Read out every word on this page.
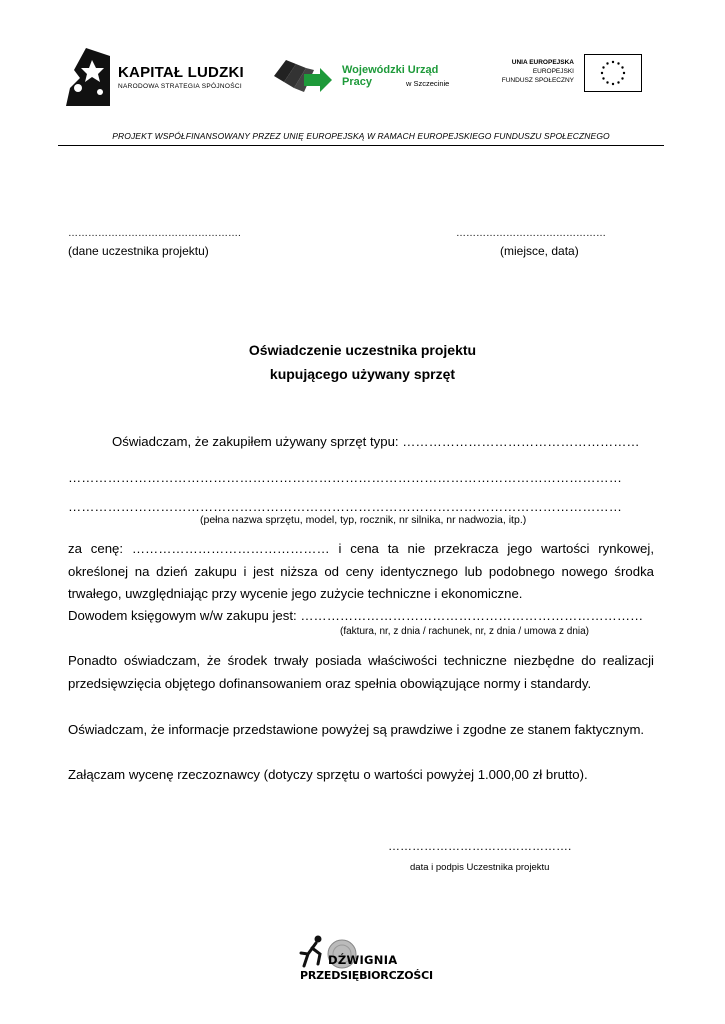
KAPITAŁ LUDZKI
NARODOWA STRATEGIA SPÓJNOŚCI
Wojewódzki Urząd Pracy	w Szczecinie
UNIA EUROPEJSKA
EUROPEJSKI
FUNDUSZ SPOŁECZNY
PROJEKT WSPÓŁFINANSOWANY PRZEZ UNIĘ EUROPEJSKĄ W RAMACH EUROPEJSKIEGO FUNDUSZU SPOŁECZNEGO
…………………………………………….
(dane uczestnika projektu)
………………………………………
(miejsce, data)
Oświadczenie uczestnika projektu
kupującego używany sprzęt
Oświadczam, że zakupiłem używany sprzęt typu: ………………………………………………
………………………………………………………………………………………………………………
………………………………………………………………………………………………………………
(pełna nazwa sprzętu, model, typ, rocznik, nr silnika, nr nadwozia, itp.)
za cenę: ……………………………………… i cena ta nie przekracza jego wartości rynkowej,
określonej na dzień zakupu i jest niższa od ceny identycznego lub podobnego nowego środka
trwałego, uwzględniając przy wycenie jego zużycie techniczne i ekonomiczne.
Dowodem księgowym w/w zakupu jest: ……………………………………………………………………
(faktura, nr, z dnia / rachunek, nr, z dnia / umowa z dnia)
Ponadto oświadczam, że środek trwały posiada właściwości techniczne niezbędne do realizacji
przedsięwzięcia objętego dofinansowaniem oraz spełnia obowiązujące normy i standardy.
Oświadczam, że informacje przedstawione powyżej są prawdziwe i zgodne ze stanem faktycznym.
Załączam wycenę rzeczoznawcy (dotyczy sprzętu o wartości powyżej 1.000,00 zł brutto).
……………………………………….
data i podpis Uczestnika projektu
DŹWIGNIA
PRZEDSIĘBIORCZOŚCI
